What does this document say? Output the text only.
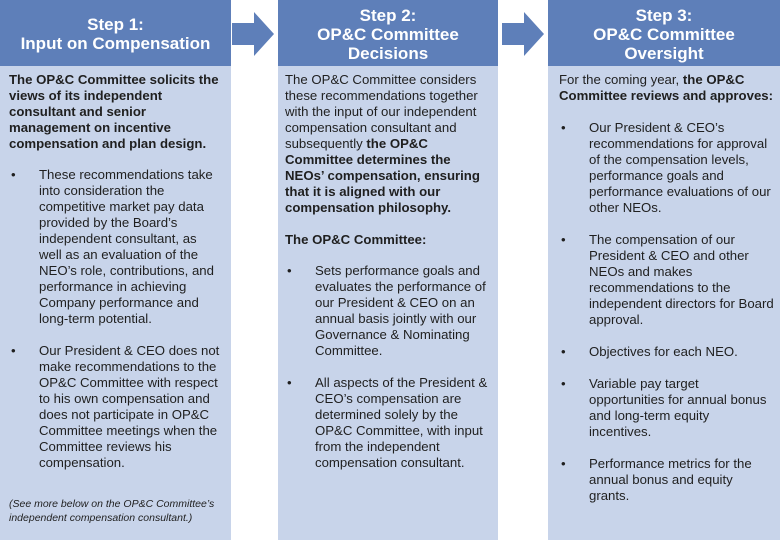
Step 1:
Input on Compensation

The OP&C Committee solicits the views of its independent consultant and senior management on incentive compensation and plan design.

• These recommendations take into consideration the competitive market pay data provided by the Board’s independent consultant, as well as an evaluation of the NEO’s role, contributions, and performance in achieving Company performance and long-term potential.
• Our President & CEO does not make recommendations to the OP&C Committee with respect to his own compensation and does not participate in OP&C Committee meetings when the Committee reviews his compensation.

(See more below on the OP&C Committee’s independent compensation consultant.)

Step 2:
OP&C Committee
Decisions

The OP&C Committee considers these recommendations together with the input of our independent compensation consultant and subsequently the OP&C Committee determines the NEOs’ compensation, ensuring that it is aligned with our compensation philosophy.

The OP&C Committee:

• Sets performance goals and evaluates the performance of our President & CEO on an annual basis jointly with our Governance & Nominating Committee.
• All aspects of the President & CEO’s compensation are determined solely by the OP&C Committee, with input from the independent compensation consultant.
Step 3:
OP&C Committee
Oversight

For the coming year, the OP&C Committee reviews and approves:

• Our President & CEO’s recommendations for approval of the compensation levels, performance goals and performance evaluations of our other NEOs.
• The compensation of our President & CEO and other NEOs and makes recommendations to the independent directors for Board approval.
• Objectives for each NEO.
• Variable pay target opportunities for annual bonus and long-term equity incentives.
• Performance metrics for the annual bonus and equity grants.
